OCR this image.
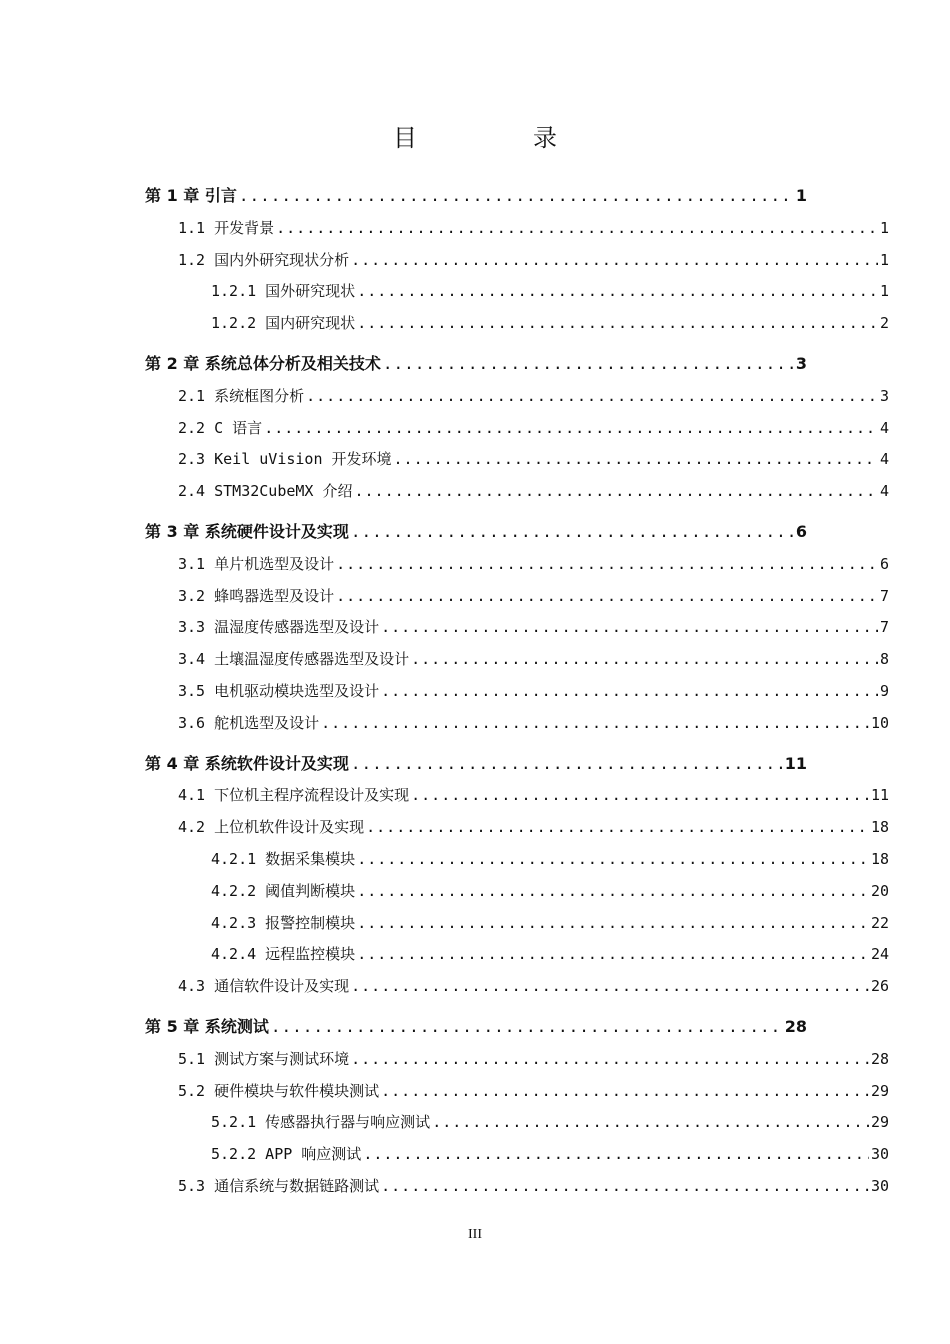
目　录
第 1 章 引言 .....	1
1.1 开发背景 .....	1
1.2 国内外研究现状分析 .....	1
1.2.1 国外研究现状 .....	1
1.2.2 国内研究现状 .....	2
第 2 章 系统总体分析及相关技术 .....	3
2.1 系统框图分析 .....	3
2.2 C 语言 .....	4
2.3 Keil uVision 开发环境 .....	4
2.4 STM32CubeMX 介绍 .....	4
第 3 章 系统硬件设计及实现 .....	6
3.1 单片机选型及设计 .....	6
3.2 蜂鸣器选型及设计 .....	7
3.3 温湿度传感器选型及设计 .....	7
3.4 土壤温湿度传感器选型及设计 .....	8
3.5 电机驱动模块选型及设计 .....	9
3.6 舵机选型及设计 .....	10
第 4 章 系统软件设计及实现 .....	11
4.1 下位机主程序流程设计及实现 .....	11
4.2 上位机软件设计及实现 .....	18
4.2.1 数据采集模块 .....	18
4.2.2 阈值判断模块 .....	20
4.2.3 报警控制模块 .....	22
4.2.4 远程监控模块 .....	24
4.3 通信软件设计及实现 .....	26
第 5 章 系统测试 .....	28
5.1 测试方案与测试环境 .....	28
5.2 硬件模块与软件模块测试 .....	29
5.2.1 传感器执行器与响应测试 .....	29
5.2.2 APP 响应测试 .....	30
5.3 通信系统与数据链路测试 .....	30
III
